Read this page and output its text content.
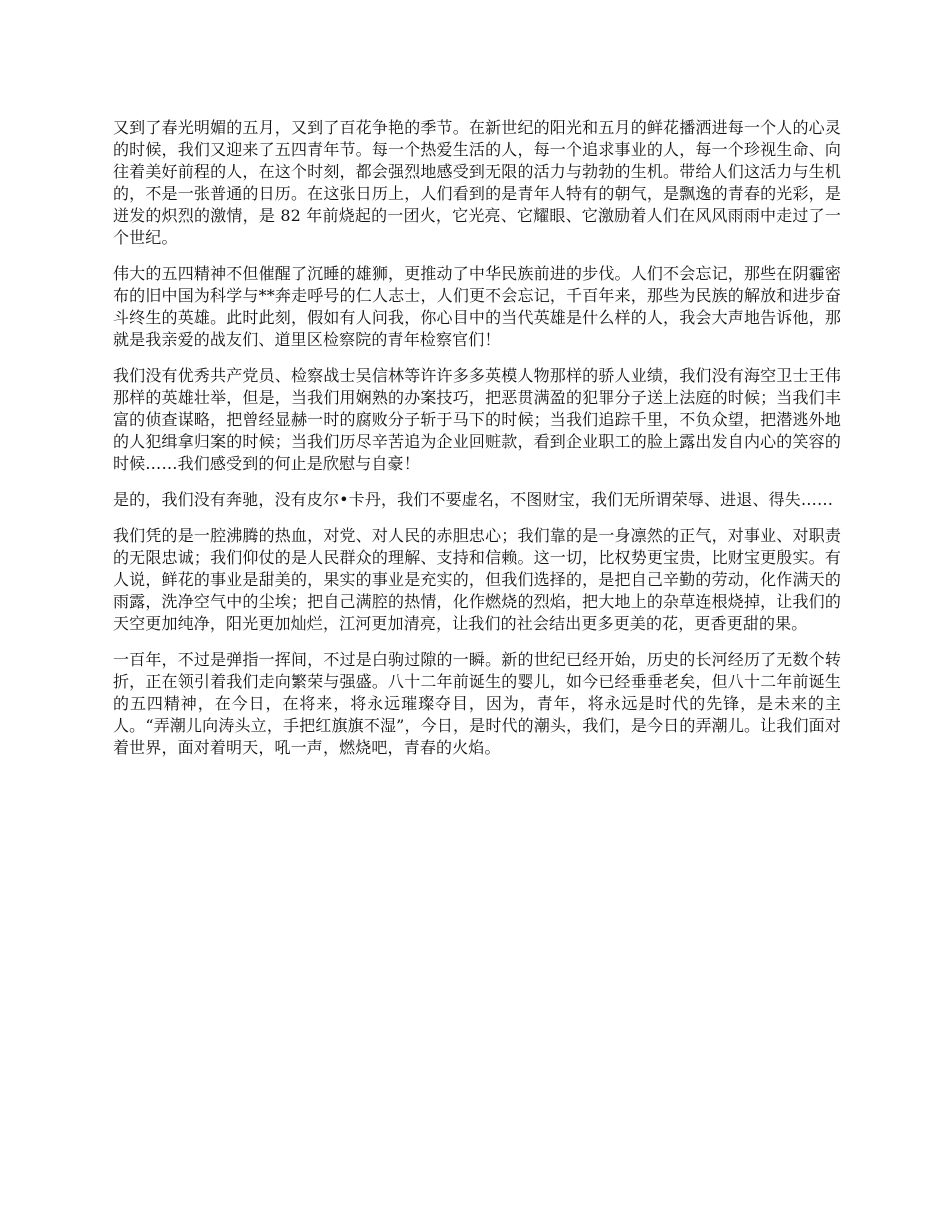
又到了春光明媚的五月，又到了百花争艳的季节。在新世纪的阳光和五月的鲜花播洒进每一个人的心灵的时候，我们又迎来了五四青年节。每一个热爱生活的人，每一个追求事业的人，每一个珍视生命、向往着美好前程的人，在这个时刻，都会强烈地感受到无限的活力与勃勃的生机。带给人们这活力与生机的，不是一张普通的日历。在这张日历上，人们看到的是青年人特有的朝气，是飘逸的青春的光彩，是迸发的炽烈的激情，是 82 年前烧起的一团火，它光亮、它耀眼、它激励着人们在风风雨雨中走过了一个世纪。

伟大的五四精神不但催醒了沉睡的雄狮，更推动了中华民族前进的步伐。人们不会忘记，那些在阴霾密布的旧中国为科学与**奔走呼号的仁人志士，人们更不会忘记，千百年来，那些为民族的解放和进步奋斗终生的英雄。此时此刻，假如有人问我，你心目中的当代英雄是什么样的人，我会大声地告诉他，那就是我亲爱的战友们、道里区检察院的青年检察官们！

我们没有优秀共产党员、检察战士吴信林等许许多多英模人物那样的骄人业绩，我们没有海空卫士王伟那样的英雄壮举，但是，当我们用娴熟的办案技巧，把恶贯满盈的犯罪分子送上法庭的时候；当我们丰富的侦查谋略，把曾经显赫一时的腐败分子斩于马下的时候；当我们追踪千里，不负众望，把潜逃外地的人犯缉拿归案的时候；当我们历尽辛苦追为企业回赃款，看到企业职工的脸上露出发自内心的笑容的时候……我们感受到的何止是欣慰与自豪！

是的，我们没有奔驰，没有皮尔•卡丹，我们不要虚名，不图财宝，我们无所谓荣辱、进退、得失……

我们凭的是一腔沸腾的热血，对党、对人民的赤胆忠心；我们靠的是一身凛然的正气，对事业、对职责的无限忠诚；我们仰仗的是人民群众的理解、支持和信赖。这一切，比权势更宝贵，比财宝更殷实。有人说，鲜花的事业是甜美的，果实的事业是充实的，但我们选择的，是把自己辛勤的劳动，化作满天的雨露，洗净空气中的尘埃；把自己满腔的热情，化作燃烧的烈焰，把大地上的杂草连根烧掉，让我们的天空更加纯净，阳光更加灿烂，江河更加清亮，让我们的社会结出更多更美的花，更香更甜的果。

一百年，不过是弹指一挥间，不过是白驹过隙的一瞬。新的世纪已经开始，历史的长河经历了无数个转折，正在领引着我们走向繁荣与强盛。八十二年前诞生的婴儿，如今已经垂垂老矣，但八十二年前诞生的五四精神，在今日，在将来，将永远璀璨夺目，因为，青年，将永远是时代的先锋，是未来的主人。“弄潮儿向涛头立，手把红旗旗不湿”，今日，是时代的潮头，我们，是今日的弄潮儿。让我们面对着世界，面对着明天，吼一声，燃烧吧，青春的火焰。
